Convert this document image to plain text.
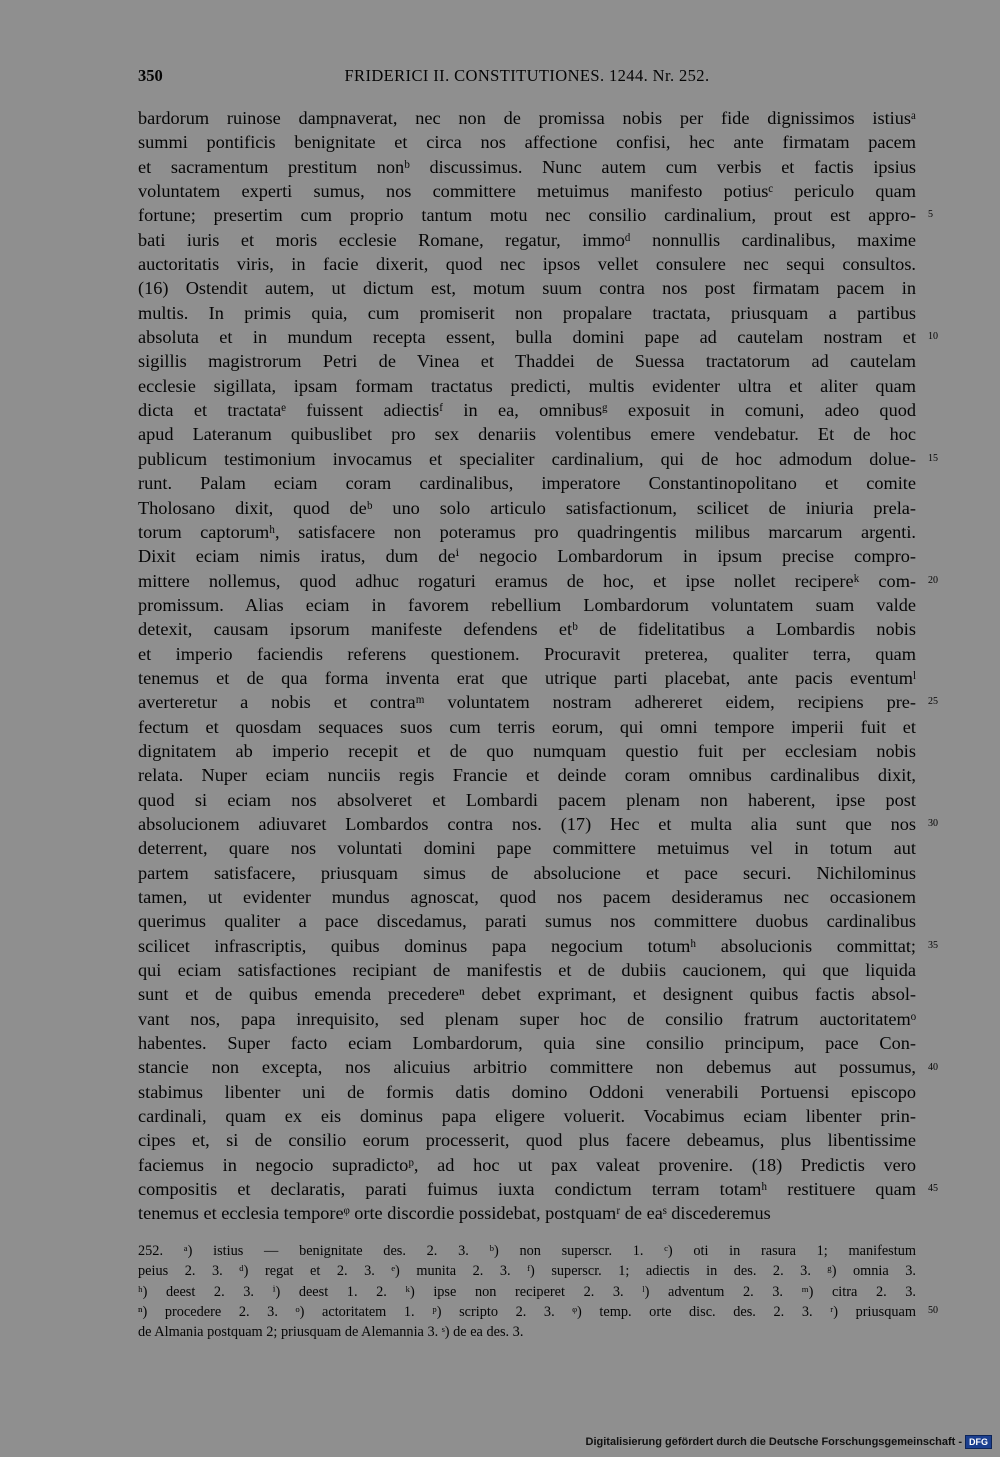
350	FRIDERICI II. CONSTITUTIONES. 1244. Nr. 252.
bardorum ruinose dampnaverat, nec non de promissa nobis per fide dignissimos istiusᵃ
summi pontificis benignitate et circa nos affectione confisi, hec ante firmatam pacem
et sacramentum prestitum nonᵇ discussimus. Nunc autem cum verbis et factis ipsius
voluntatem experti sumus, nos committere metuimus manifesto potiusᶜ periculo quam
fortune; presertim cum proprio tantum motu nec consilio cardinalium, prout est appro-
bati iuris et moris ecclesie Romane, regatur, immoᵈ nonnullis cardinalibus, maxime
auctoritatis viris, in facie dixerit, quod nec ipsos vellet consulere nec sequi consultos.
(16) Ostendit autem, ut dictum est, motum suum contra nos post firmatam pacem in
multis. In primis quia, cum promiserit non propalare tractata, priusquam a partibus
absoluta et in mundum recepta essent, bulla domini pape ad cautelam nostram et
sigillis magistrorum Petri de Vinea et Thaddei de Suessa tractatorum ad cautelam
ecclesie sigillata, ipsam formam tractatus predicti, multis evidenter ultra et aliter quam
dicta et tractataᵉ fuissent adiectisᶠ in ea, omnibusᵍ exposuit in comuni, adeo quod
apud Lateranum quibuslibet pro sex denariis volentibus emere vendebatur. Et de hoc
publicum testimonium invocamus et specialiter cardinalium, qui de hoc admodum dolue-
runt. Palam eciam coram cardinalibus, imperatore Constantinopolitano et comite
Tholosano dixit, quod deᵇ uno solo articulo satisfactionum, scilicet de iniuria prela-
torum captorumʰ, satisfacere non poteramus pro quadringentis milibus marcarum argenti.
Dixit eciam nimis iratus, dum deⁱ negocio Lombardorum in ipsum precise compro-
mittere nollemus, quod adhuc rogaturi eramus de hoc, et ipse nollet recipereᵏ com-
promissum. Alias eciam in favorem rebellium Lombardorum voluntatem suam valde
detexit, causam ipsorum manifeste defendens etᵇ de fidelitatibus a Lombardis nobis
et imperio faciendis referens questionem. Procuravit preterea, qualiter terra, quam
tenemus et de qua forma inventa erat que utrique parti placebat, ante pacis eventumˡ
averteretur a nobis et contraᵐ voluntatem nostram adhereret eidem, recipiens pre-
fectum et quosdam sequaces suos cum terris eorum, qui omni tempore imperii fuit et
dignitatem ab imperio recepit et de quo numquam questio fuit per ecclesiam nobis
relata. Nuper eciam nunciis regis Francie et deinde coram omnibus cardinalibus dixit,
quod si eciam nos absolveret et Lombardi pacem plenam non haberent, ipse post
absolucionem adiuvaret Lombardos contra nos. (17) Hec et multa alia sunt que nos
deterrent, quare nos voluntati domini pape committere metuimus vel in totum aut
partem satisfacere, priusquam simus de absolucione et pace securi. Nichilominus
tamen, ut evidenter mundus agnoscat, quod nos pacem desideramus nec occasionem
querimus qualiter a pace discedamus, parati sumus nos committere duobus cardinalibus
scilicet infrascriptis, quibus dominus papa negocium totumʰ absolucionis committat;
qui eciam satisfactiones recipiant de manifestis et de dubiis caucionem, qui que liquida
sunt et de quibus emenda precedereⁿ debet exprimant, et designent quibus factis absol-
vant nos, papa inrequisito, sed plenam super hoc de consilio fratrum auctoritatemᵒ
habentes. Super facto eciam Lombardorum, quia sine consilio principum, pace Con-
stancie non excepta, nos alicuius arbitrio committere non debemus aut possumus,
stabimus libenter uni de formis datis domino Oddoni venerabili Portuensi episcopo
cardinali, quam ex eis dominus papa eligere voluerit. Vocabimus eciam libenter prin-
cipes et, si de consilio eorum processerit, quod plus facere debeamus, plus libentissime
faciemus in negocio supradictoᵖ, ad hoc ut pax valeat provenire. (18) Predictis vero
compositis et declaratis, parati fuimus iuxta condictum terram totamʰ restituere quam
tenemus et ecclesia temporeᵠ orte discordie possidebat, postquamʳ de eaˢ discederemus
5
10
15
20
25
30
35
40
45
50
252. ᵃ) istius — benignitate des. 2. 3. ᵇ) non superscr. 1. ᶜ) oti in rasura 1; manifestum
peius 2. 3. ᵈ) regat et 2. 3. ᵉ) munita 2. 3. ᶠ) superscr. 1; adiectis in des. 2. 3. ᵍ) omnia 3.
ʰ) deest 2. 3. ⁱ) deest 1. 2. ᵏ) ipse non reciperet 2. 3. ˡ) adventum 2. 3. ᵐ) citra 2. 3.
ⁿ) procedere 2. 3. ᵒ) actoritatem 1. ᵖ) scripto 2. 3. ᵠ) temp. orte disc. des. 2. 3. ʳ) priusquam
de Almania postquam 2; priusquam de Alemannia 3. ˢ) de ea des. 3.
Digitalisierung gefördert durch die Deutsche Forschungsgemeinschaft - DFG
